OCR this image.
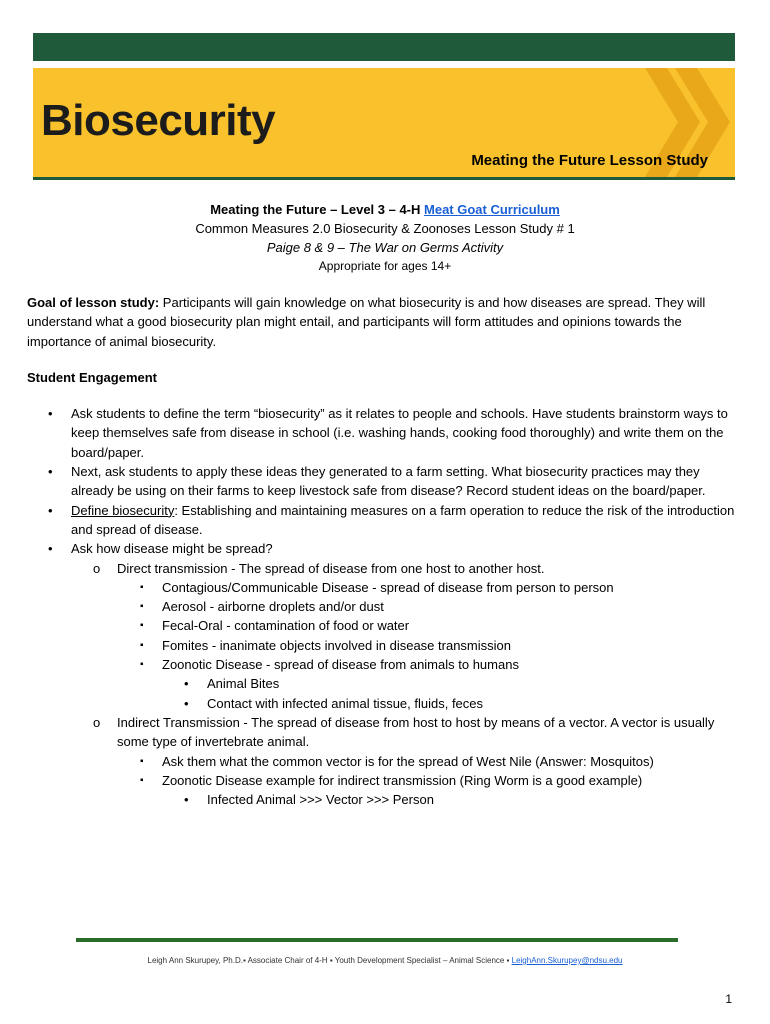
Biosecurity
Meating the Future Lesson Study
Meating the Future – Level 3 – 4-H Meat Goat Curriculum
Common Measures 2.0 Biosecurity & Zoonoses Lesson Study # 1
Paige 8 & 9 – The War on Germs Activity
Appropriate for ages 14+

Goal of lesson study: Participants will gain knowledge on what biosecurity is and how diseases are spread. They will understand what a good biosecurity plan might entail, and participants will form attitudes and opinions towards the importance of animal biosecurity.

Student Engagement

• Ask students to define the term “biosecurity” as it relates to people and schools. Have students brainstorm ways to keep themselves safe from disease in school (i.e. washing hands, cooking food thoroughly) and write them on the board/paper.
• Next, ask students to apply these ideas they generated to a farm setting. What biosecurity practices may they already be using on their farms to keep livestock safe from disease? Record student ideas on the board/paper.
• Define biosecurity: Establishing and maintaining measures on a farm operation to reduce the risk of the introduction and spread of disease.
• Ask how disease might be spread?
o Direct transmission - The spread of disease from one host to another host.
▪ Contagious/Communicable Disease - spread of disease from person to person
▪ Aerosol - airborne droplets and/or dust
▪ Fecal-Oral - contamination of food or water
▪ Fomites - inanimate objects involved in disease transmission
▪ Zoonotic Disease - spread of disease from animals to humans
• Animal Bites
• Contact with infected animal tissue, fluids, feces
o Indirect Transmission - The spread of disease from host to host by means of a vector. A vector is usually some type of invertebrate animal.
▪ Ask them what the common vector is for the spread of West Nile (Answer: Mosquitos)
▪ Zoonotic Disease example for indirect transmission (Ring Worm is a good example)
• Infected Animal >>> Vector >>> Person
Leigh Ann Skurupey, Ph.D.▪ Associate Chair of 4-H ▪ Youth Development Specialist – Animal Science ▪ LeighAnn.Skurupey@ndsu.edu
1
